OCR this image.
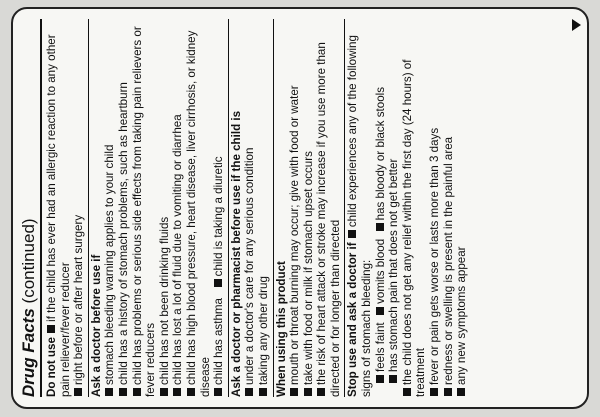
Drug Facts (continued)
Do not use if the child has ever had an allergic reaction to any other pain reliever/fever reducer right before or after heart surgery Ask a doctor before use if stomach bleeding warning applies to your child child has a history of stomach problems, such as heartburn child has problems or serious side effects from taking pain relievers or fever reducers child has not been drinking fluids child has lost a lot of fluid due to vomiting or diarrhea child has high blood pressure, heart disease, liver cirrhosis, or kidney disease child has asthma   child is taking a diuretic Ask a doctor or pharmacist before use if the child is under a doctor's care for any serious condition taking any other drug When using this product mouth or throat burning may occur; give with food or water take with food or milk if stomach upset occurs the risk of heart attack or stroke may increase if you use more than directed or for longer than directed Stop use and ask a doctor if child experiences any of the following signs of stomach bleeding: feels faint  vomits blood  has bloody or black stools
has stomach pain that does not get better the child does not get any relief within the first day (24 hours) of treatment fever or pain gets worse or lasts more than 3 days redness or swelling is present in the painful area any new symptoms appear
